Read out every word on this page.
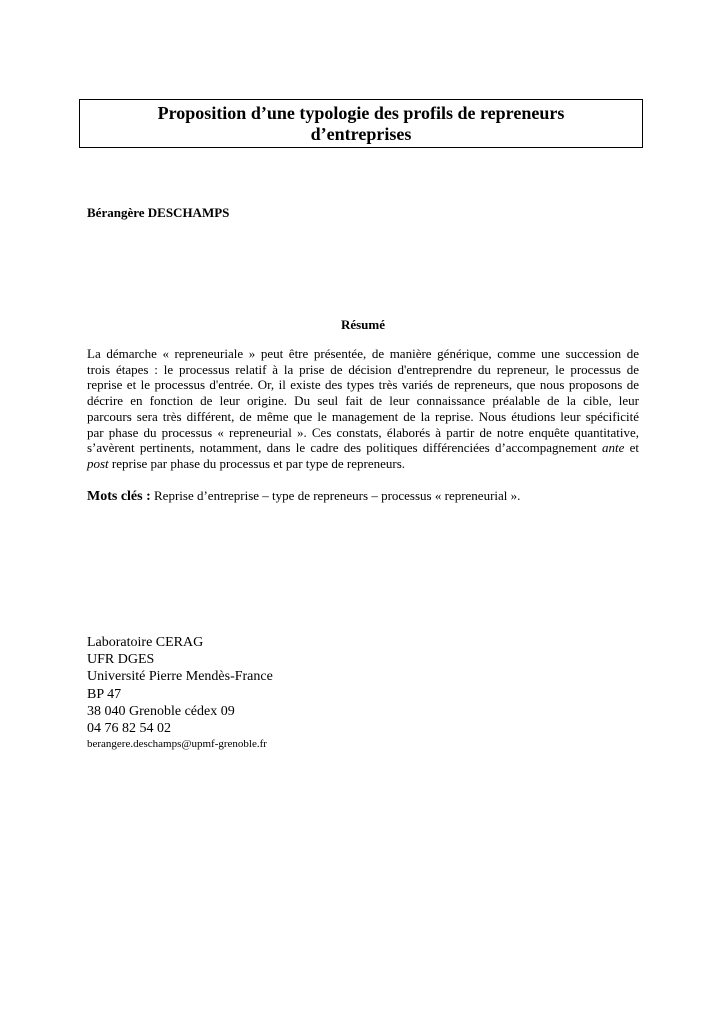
Proposition d’une typologie des profils de repreneurs
d’entreprises
Bérangère DESCHAMPS
Résumé
La démarche « repreneuriale » peut être présentée, de manière générique, comme une succession de
trois étapes : le processus relatif à la prise de décision d'entreprendre du repreneur, le processus de
reprise et le processus d'entrée. Or, il existe des types très variés de repreneurs, que nous proposons de
décrire en fonction de leur origine. Du seul fait de leur connaissance préalable de la cible, leur
parcours sera très différent, de même que le management de la reprise. Nous étudions leur spécificité
par phase du processus « repreneurial ». Ces constats, élaborés à partir de notre enquête quantitative,
s’avèrent pertinents, notamment, dans le cadre des politiques différenciées d’accompagnement ante et
post reprise par phase du processus et par type de repreneurs.
Mots clés : Reprise d’entreprise – type de repreneurs – processus « repreneurial ».
Laboratoire CERAG
UFR DGES
Université Pierre Mendès-France
BP 47
38 040 Grenoble cédex 09
04 76 82 54 02
berangere.deschamps@upmf-grenoble.fr
